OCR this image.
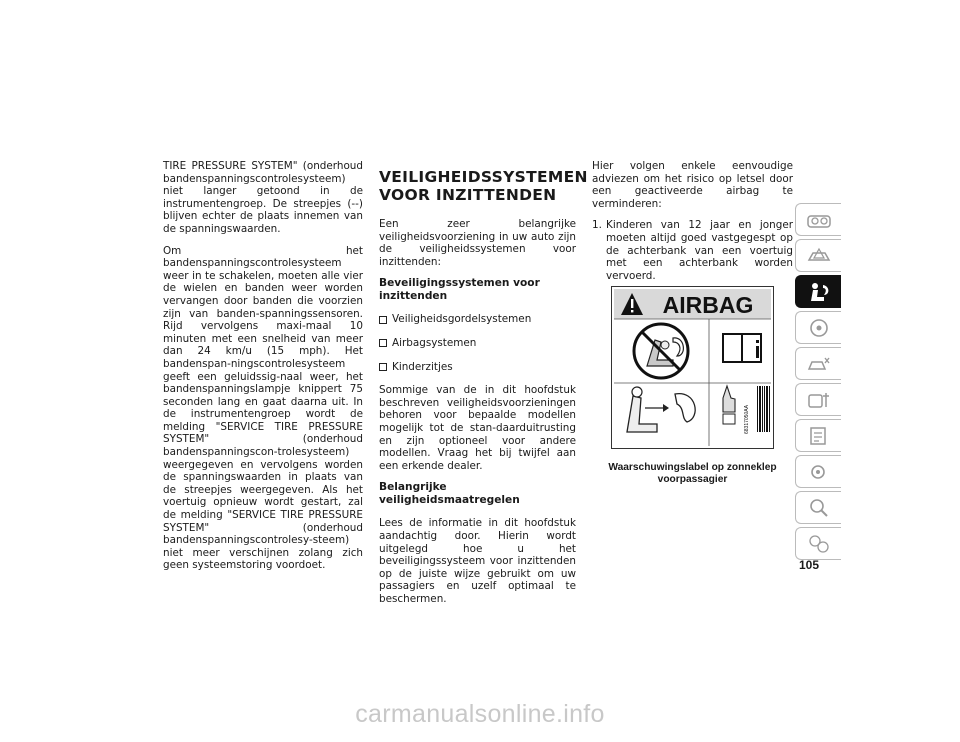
TIRE PRESSURE SYSTEM" (onderhoud bandenspanningscontrolesysteem) niet langer getoond in de instrumentengroep. De streepjes (--) blijven echter de plaats innemen van de spanningswaarden.

Om het bandenspanningscontrolesysteem weer in te schakelen, moeten alle vier de wielen en banden weer worden vervangen door banden die voorzien zijn van banden-spanningssensoren. Rijd vervolgens maxi-maal 10 minuten met een snelheid van meer dan 24 km/u (15 mph). Het bandenspan-ningscontrolesysteem geeft een geluidssig-naal weer, het bandenspanningslampje knippert 75 seconden lang en gaat daarna uit. In de instrumentengroep wordt de melding "SERVICE TIRE PRESSURE SYSTEM" (onderhoud bandenspanningscon-trolesysteem) weergegeven en vervolgens worden de spanningswaarden in plaats van de streepjes weergegeven. Als het voertuig opnieuw wordt gestart, zal de melding "SERVICE TIRE PRESSURE SYSTEM" (onderhoud bandenspanningscontrolesy-steem) niet meer verschijnen zolang zich geen systeemstoring voordoet.

VEILIGHEIDSSYSTEMEN VOOR INZITTENDEN

Een zeer belangrijke veiligheidsvoorziening in uw auto zijn de veiligheidssystemen voor inzittenden:

Beveiligingssystemen voor inzittenden
Veiligheidsgordelsystemen
Airbagsystemen
Kinderzitjes

Sommige van de in dit hoofdstuk beschreven veiligheidsvoorzieningen behoren voor bepaalde modellen mogelijk tot de stan-daarduitrusting en zijn optioneel voor andere modellen. Vraag het bij twijfel aan een erkende dealer.

Belangrijke veiligheidsmaatregelen

Lees de informatie in dit hoofdstuk aandachtig door. Hierin wordt uitgelegd hoe u het beveiligingssysteem voor inzittenden op de juiste wijze gebruikt om uw passagiers en uzelf optimaal te beschermen.

Hier volgen enkele eenvoudige adviezen om het risico op letsel door een geactiveerde airbag te verminderen:

1. Kinderen van 12 jaar en jonger moeten altijd goed vastgegespt op de achterbank van een voertuig met een achterbank worden vervoerd.
AIRBAG
68317050AA
Waarschuwingslabel op zonneklep voorpassagier
105
carmanualsonline.info
